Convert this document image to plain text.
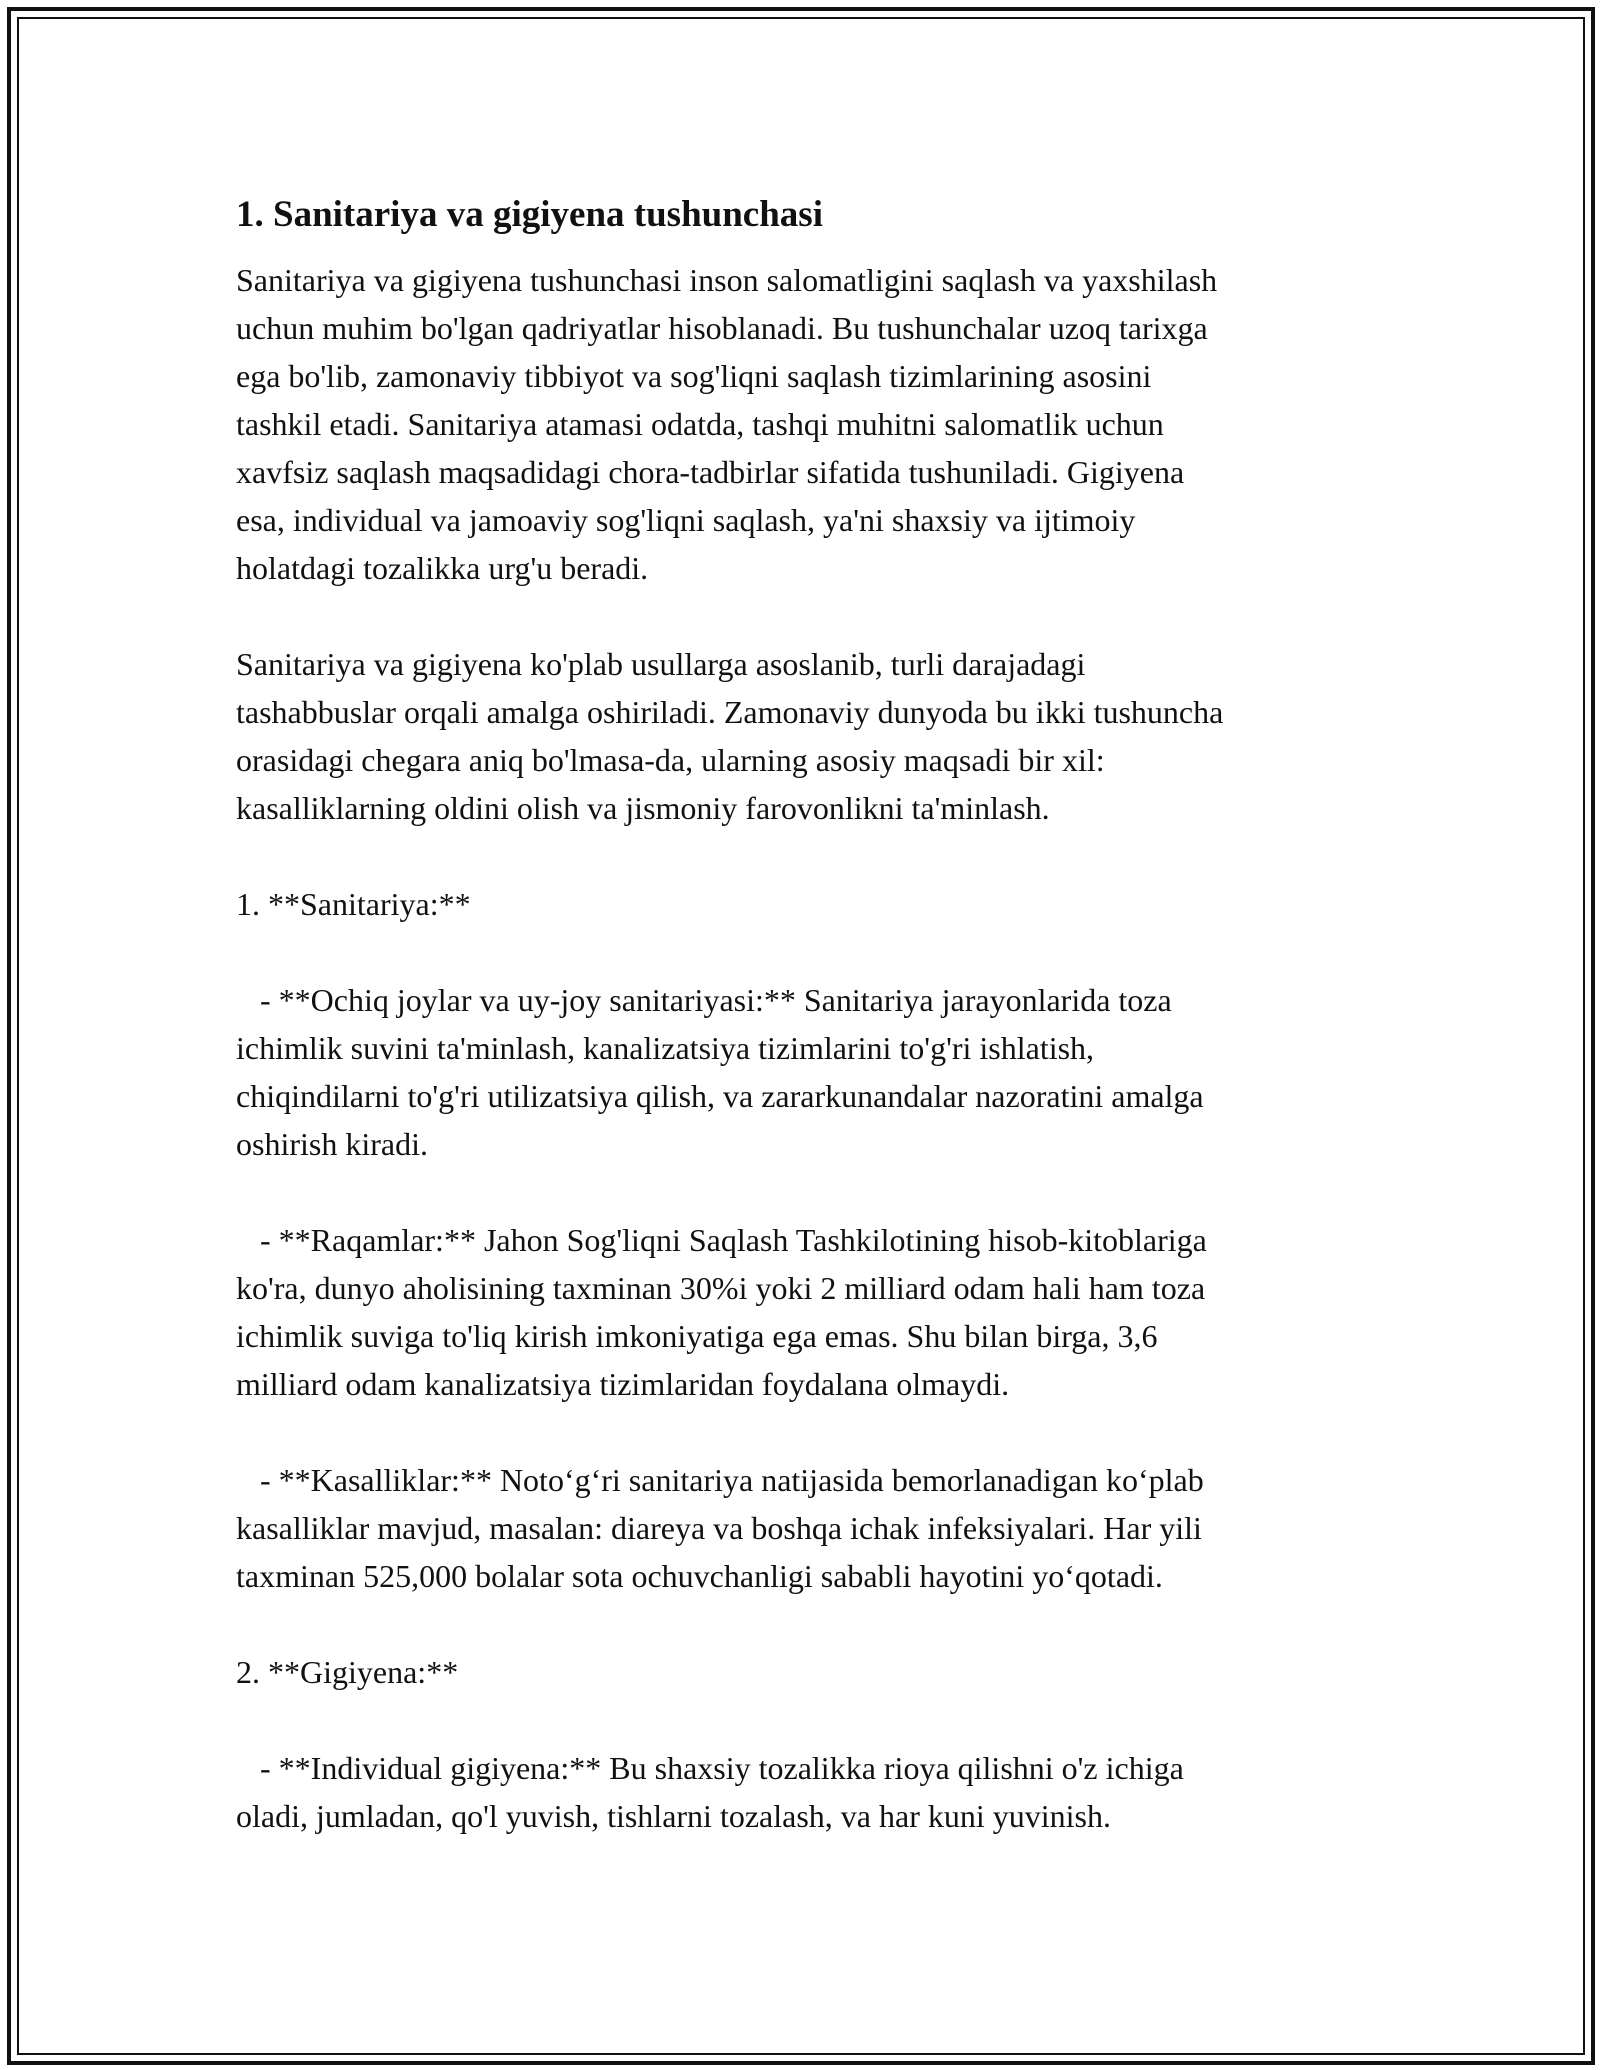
1. Sanitariya va gigiyena tushunchasi

Sanitariya va gigiyena tushunchasi inson salomatligini saqlash va yaxshilash
uchun muhim bo'lgan qadriyatlar hisoblanadi. Bu tushunchalar uzoq tarixga
ega bo'lib, zamonaviy tibbiyot va sog'liqni saqlash tizimlarining asosini
tashkil etadi. Sanitariya atamasi odatda, tashqi muhitni salomatlik uchun
xavfsiz saqlash maqsadidagi chora-tadbirlar sifatida tushuniladi. Gigiyena
esa, individual va jamoaviy sog'liqni saqlash, ya'ni shaxsiy va ijtimoiy
holatdagi tozalikka urg'u beradi.

Sanitariya va gigiyena ko'plab usullarga asoslanib, turli darajadagi
tashabbuslar orqali amalga oshiriladi. Zamonaviy dunyoda bu ikki tushuncha
orasidagi chegara aniq bo'lmasa-da, ularning asosiy maqsadi bir xil:
kasalliklarning oldini olish va jismoniy farovonlikni ta'minlash.

1. **Sanitariya:**

- **Ochiq joylar va uy-joy sanitariyasi:** Sanitariya jarayonlarida toza
ichimlik suvini ta'minlash, kanalizatsiya tizimlarini to'g'ri ishlatish,
chiqindilarni to'g'ri utilizatsiya qilish, va zararkunandalar nazoratini amalga
oshirish kiradi.

- **Raqamlar:** Jahon Sog'liqni Saqlash Tashkilotining hisob-kitoblariga
ko'ra, dunyo aholisining taxminan 30%i yoki 2 milliard odam hali ham toza
ichimlik suviga to'liq kirish imkoniyatiga ega emas. Shu bilan birga, 3,6
milliard odam kanalizatsiya tizimlaridan foydalana olmaydi.

- **Kasalliklar:** Noto‘g‘ri sanitariya natijasida bemorlanadigan ko‘plab
kasalliklar mavjud, masalan: diareya va boshqa ichak infeksiyalari. Har yili
taxminan 525,000 bolalar sota ochuvchanligi sababli hayotini yo‘qotadi.

2. **Gigiyena:**

- **Individual gigiyena:** Bu shaxsiy tozalikka rioya qilishni o'z ichiga
oladi, jumladan, qo'l yuvish, tishlarni tozalash, va har kuni yuvinish.
